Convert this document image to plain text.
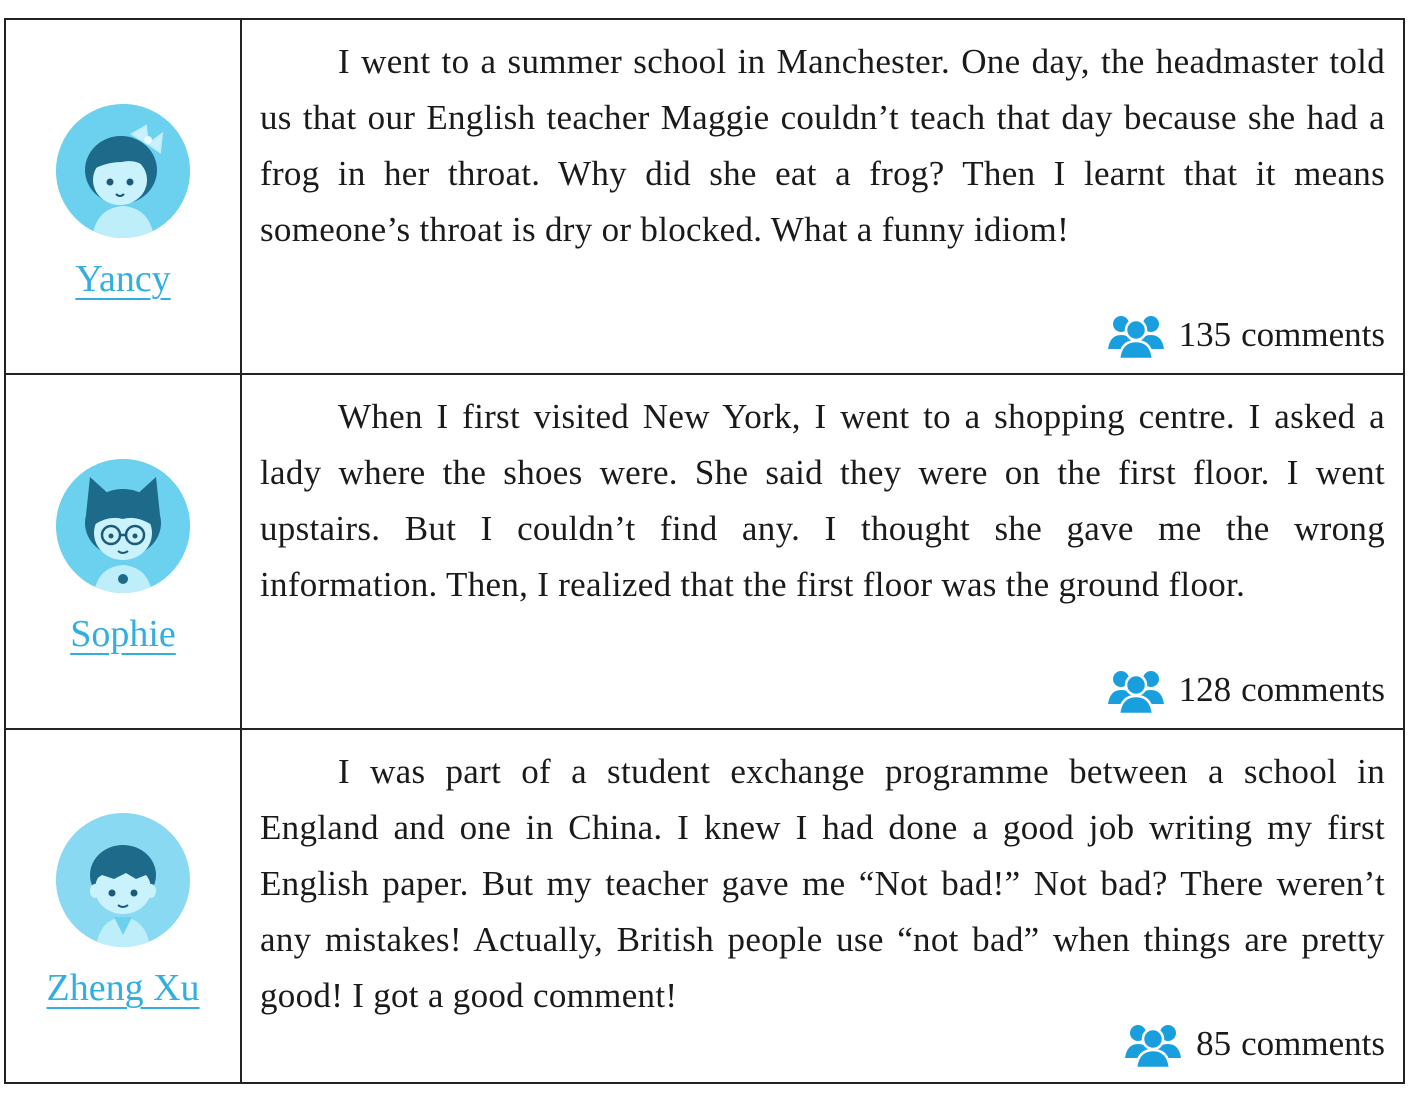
Yancy

I went to a summer school in Manchester. One day, the headmaster told us that our English teacher Maggie couldn’t teach that day because she had a frog in her throat. Why did she eat a frog? Then I learnt that it means someone’s throat is dry or blocked. What a funny idiom!

135 comments
Sophie

When I first visited New York, I went to a shopping centre. I asked a lady where the shoes were. She said they were on the first floor. I went upstairs. But I couldn’t find any. I thought she gave me the wrong information. Then, I realized that the first floor was the ground floor.

128 comments
Zheng Xu

I was part of a student exchange programme between a school in England and one in China. I knew I had done a good job writing my first English paper. But my teacher gave me “Not bad!” Not bad? There weren’t any mistakes! Actually, British people use “not bad” when things are pretty good! I got a good comment!

85 comments
